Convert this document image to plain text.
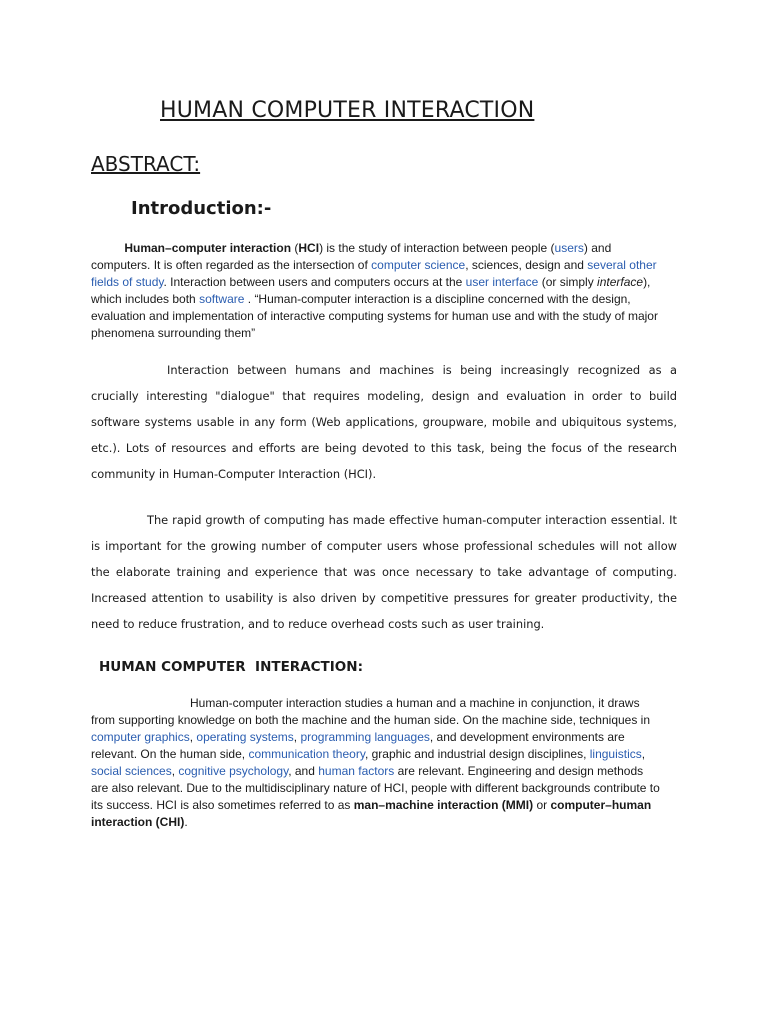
HUMAN COMPUTER INTERACTION
ABSTRACT:
Introduction:-

Human–computer interaction (HCI) is the study of interaction between people (users) and computers. It is often regarded as the intersection of computer science, sciences, design and several other fields of study. Interaction between users and computers occurs at the user interface (or simply interface), which includes both software . “Human-computer interaction is a discipline concerned with the design, evaluation and implementation of interactive computing systems for human use and with the study of major phenomena surrounding them”

Interaction between humans and machines is being increasingly recognized as a crucially interesting "dialogue" that requires modeling, design and evaluation in order to build software systems usable in any form (Web applications, groupware, mobile and ubiquitous systems, etc.). Lots of resources and efforts are being devoted to this task, being the focus of the research community in Human-Computer Interaction (HCI).

The rapid growth of computing has made effective human-computer interaction essential. It is important for the growing number of computer users whose professional schedules will not allow the elaborate training and experience that was once necessary to take advantage of computing. Increased attention to usability is also driven by competitive pressures for greater productivity, the need to reduce frustration, and to reduce overhead costs such as user training.

HUMAN COMPUTER  INTERACTION:

Human-computer interaction studies a human and a machine in conjunction, it draws from supporting knowledge on both the machine and the human side. On the machine side, techniques in computer graphics, operating systems, programming languages, and development environments are relevant. On the human side, communication theory, graphic and industrial design disciplines, linguistics, social sciences, cognitive psychology, and human factors are relevant. Engineering and design methods are also relevant. Due to the multidisciplinary nature of HCI, people with different backgrounds contribute to its success. HCI is also sometimes referred to as man–machine interaction (MMI) or computer–human interaction (CHI).
